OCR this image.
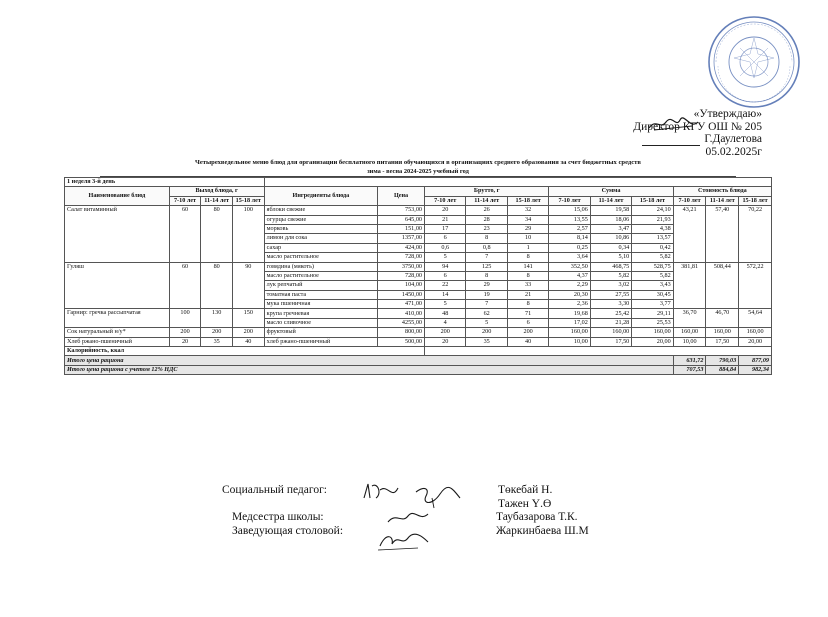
«Утверждаю»
Директор КГУ ОШ № 205
Г.Даулетова
05.02.2025г
Четырехведельное меню блюд для организации бесплатного питания обучающихся в организациях среднего образования за счет бюджетных средств
зима - весна 2024-2025 учебный год
1 неделя 3-й день														
Наименование блюд	Выход блюда, г			Ингредиенты блюда	Цена	Брутто, г			Сумма			Стоимость блюда		
	7-10 лет	11-14 лет	15-18 лет			7-10 лет	11-14 лет	15-18 лет	7-10 лет	11-14 лет	15-18 лет	7-10 лет	11-14 лет	15-18 лет
Салат витаминный	60	80	100	яблоки свежие	753,00	20	26	32	15,06	19,58	24,10	43,21	57,40	70,22
				огурцы свежие	645,00	21	28	34	13,55	18,06	21,93			
				морковь	151,00	17	23	29	2,57	3,47	4,38			
				лимон для сока	1357,00	6	8	10	8,14	10,86	13,57			
				сахар	424,00	0,6	0,8	1	0,25	0,34	0,42			
				масло растительное	728,00	5	7	8	3,64	5,10	5,82			
Гуляш	60	80	90	говядина (мякоть)	3750,00	94	125	141	352,50	468,75	528,75	381,81	508,44	572,22
				масло растительное	728,00	6	8	8	4,37	5,82	5,82			
				лук репчатый	104,00	22	29	33	2,29	3,02	3,43			
				томатная паста	1450,00	14	19	21	20,30	27,55	30,45			
				мука пшеничная	471,00	5	7	8	2,36	3,30	3,77			
Гарнир: гречка рассыпчатая	100	130	150	крупа гречневая	410,00	48	62	71	19,68	25,42	29,11	36,70	46,70	54,64
				масло сливочное	4255,00	4	5	6	17,02	21,28	25,53			
Сок натуральный н/у*	200	200	200	фруктовый	800,00	200	200	200	160,00	160,00	160,00	160,00	160,00	160,00
Хлеб ржано-пшеничный	20	35	40	хлеб ржано-пшеничный	500,00	20	35	40	10,00	17,50	20,00	10,00	17,50	20,00
Калорийность, ккал														
Итого цена рациона												631,72	790,03	877,09
Итого цена рациона с учетом 12% НДС												707,53	884,84	982,34
Социальный педагог:	Төкебай Н.
Тажен Ү.Ө
Медсестра школы:	Таубазарова Т.К.
Заведующая столовой:	Жаркинбаева Ш.М
